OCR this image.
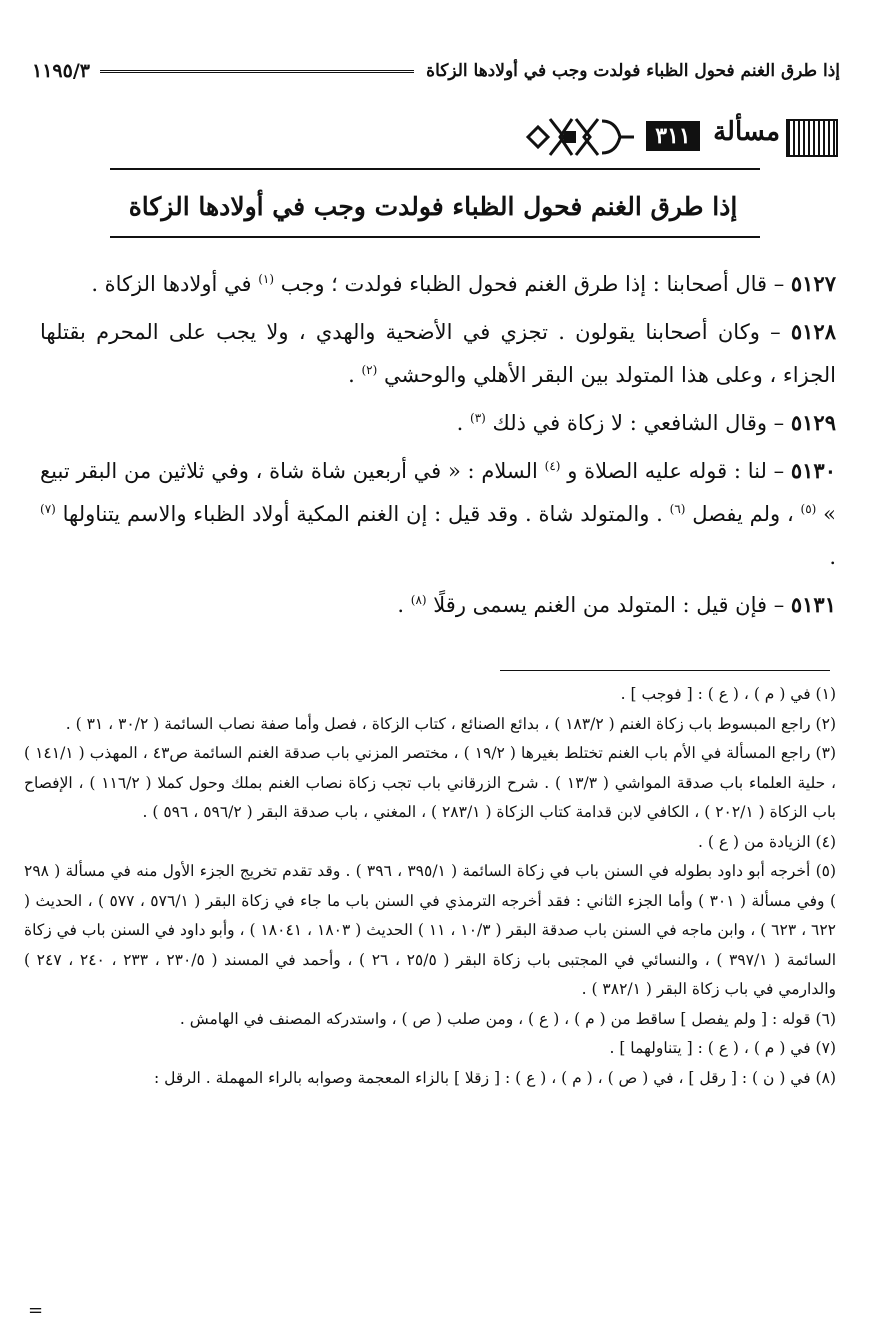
إذا طرق الغنم فحول الظباء فولدت وجب في أولادها الزكاة
١١٩٥/٣
مسألة
٣١١
إذا طرق الغنم فحول الظباء فولدت وجب في أولادها الزكاة

٥١٢٧ – قال أصحابنا : إذا طرق الغنم فحول الظباء فولدت ؛ وجب $^{(١)}$ في أولادها الزكاة .

٥١٢٨ – وكان أصحابنا يقولون . تجزي في الأضحية والهدي ، ولا يجب على المحرم بقتلها الجزاء ، وعلى هذا المتولد بين البقر الأهلي والوحشي $^{(٢)}$ .

٥١٢٩ – وقال الشافعي : لا زكاة في ذلك $^{(٣)}$ .

٥١٣٠ – لنا : قوله عليه الصلاة و $^{(٤)}$ السلام : « في أربعين شاة شاة ، وفي ثلاثين من البقر تبيع » $^{(٥)}$ ، ولم يفصل $^{(٦)}$ . والمتولد شاة . وقد قيل : إن الغنم المكية أولاد الظباء والاسم يتناولها $^{(٧)}$ .

٥١٣١ – فإن قيل : المتولد من الغنم يسمى رقلًا $^{(٨)}$ .

(١) في ( م ) ، ( ع ) : [ فوجب ] .

(٢) راجع المبسوط باب زكاة الغنم ( ١٨٣/٢ ) ، بدائع الصنائع ، كتاب الزكاة ، فصل وأما صفة نصاب السائمة ( ٣٠/٢ ، ٣١ ) .

(٣) راجع المسألة في الأم باب الغنم تختلط بغيرها ( ١٩/٢ ) ، مختصر المزني باب صدقة الغنم السائمة ص٤٣ ، المهذب ( ١٤١/١ ) ، حلية العلماء باب صدقة المواشي ( ١٣/٣ ) . شرح الزرقاني باب تجب زكاة نصاب الغنم بملك وحول كملا ( ١١٦/٢ ) ، الإفصاح باب الزكاة ( ٢٠٢/١ ) ، الكافي لابن قدامة كتاب الزكاة ( ٢٨٣/١ ) ، المغني ، باب صدقة البقر ( ٥٩٦/٢ ، ٥٩٦ ) .

(٤) الزيادة من ( ع ) .

(٥) أخرجه أبو داود بطوله في السنن باب في زكاة السائمة ( ٣٩٥/١ ، ٣٩٦ ) . وقد تقدم تخريج الجزء الأول منه في مسألة ( ٢٩٨ ) وفي مسألة ( ٣٠١ ) وأما الجزء الثاني : فقد أخرجه الترمذي في السنن باب ما جاء في زكاة البقر ( ٥٧٦/١ ، ٥٧٧ ) ، الحديث ( ٦٢٢ ، ٦٢٣ ) ، وابن ماجه في السنن باب صدقة البقر ( ١٠/٣ ، ١١ ) الحديث ( ١٨٠٣ ، ١٨٠٤١ ) ، وأبو داود في السنن باب في زكاة السائمة ( ٣٩٧/١ ) ، والنسائي في المجتبى باب زكاة البقر ( ٢٥/٥ ، ٢٦ ) ، وأحمد في المسند ( ٢٣٠/٥ ، ٢٣٣ ، ٢٤٠ ، ٢٤٧ ) والدارمي في باب زكاة البقر ( ٣٨٢/١ ) .

(٦) قوله : [ ولم يفصل ] ساقط من ( م ) ، ( ع ) ، ومن صلب ( ص ) ، واستدركه المصنف في الهامش .

(٧) في ( م ) ، ( ع ) : [ يتناولهما ] .

(٨) في ( ن ) : [ رقل ] ، في ( ص ) ، ( م ) ، ( ع ) : [ زقلا ] بالزاء المعجمة وصوابه بالراء المهملة . الرقل :

=
